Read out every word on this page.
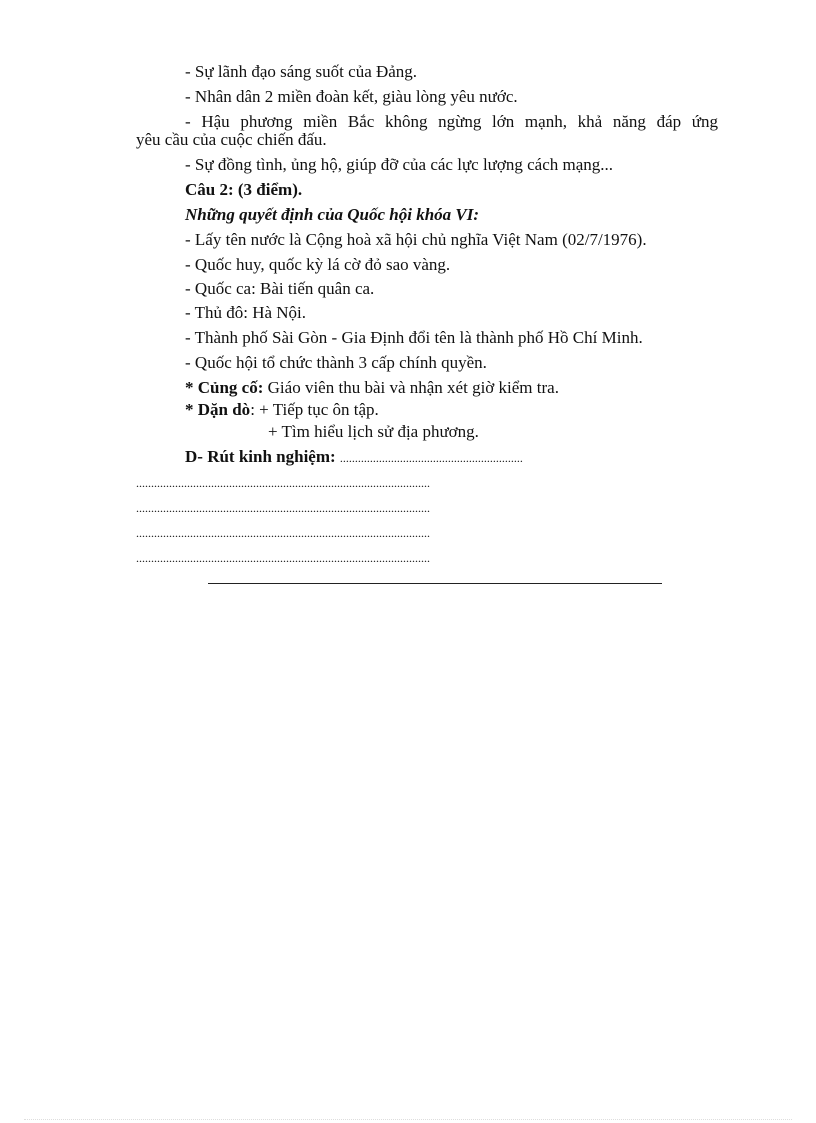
- Sự lãnh đạo sáng suốt của Đảng.
- Nhân dân 2 miền đoàn kết, giàu lòng yêu nước.
- Hậu phương miền Bắc không ngừng lớn mạnh, khả năng đáp ứng
yêu cầu của cuộc chiến đấu.
- Sự đồng tình, ủng hộ, giúp đỡ của các lực lượng cách mạng...
Câu 2: (3 điểm).
Những quyết định của Quốc hội khóa VI:
- Lấy tên nước là Cộng hoà xã hội chủ nghĩa Việt Nam (02/7/1976).
- Quốc huy, quốc kỳ lá cờ đỏ sao vàng.
- Quốc ca: Bài tiến quân ca.
- Thủ đô: Hà Nội.
- Thành phố Sài Gòn - Gia Định đổi tên là thành phố Hồ Chí Minh.
- Quốc hội tổ chức thành 3 cấp chính quyền.
* Củng cố: Giáo viên thu bài và nhận xét giờ kiểm tra.
* Dặn dò: + Tiếp tục ôn tập.
+ Tìm hiểu lịch sử địa phương.
D- Rút kinh nghiệm: .............................................................
..................................................................................................
..................................................................................................
..................................................................................................
..................................................................................................
